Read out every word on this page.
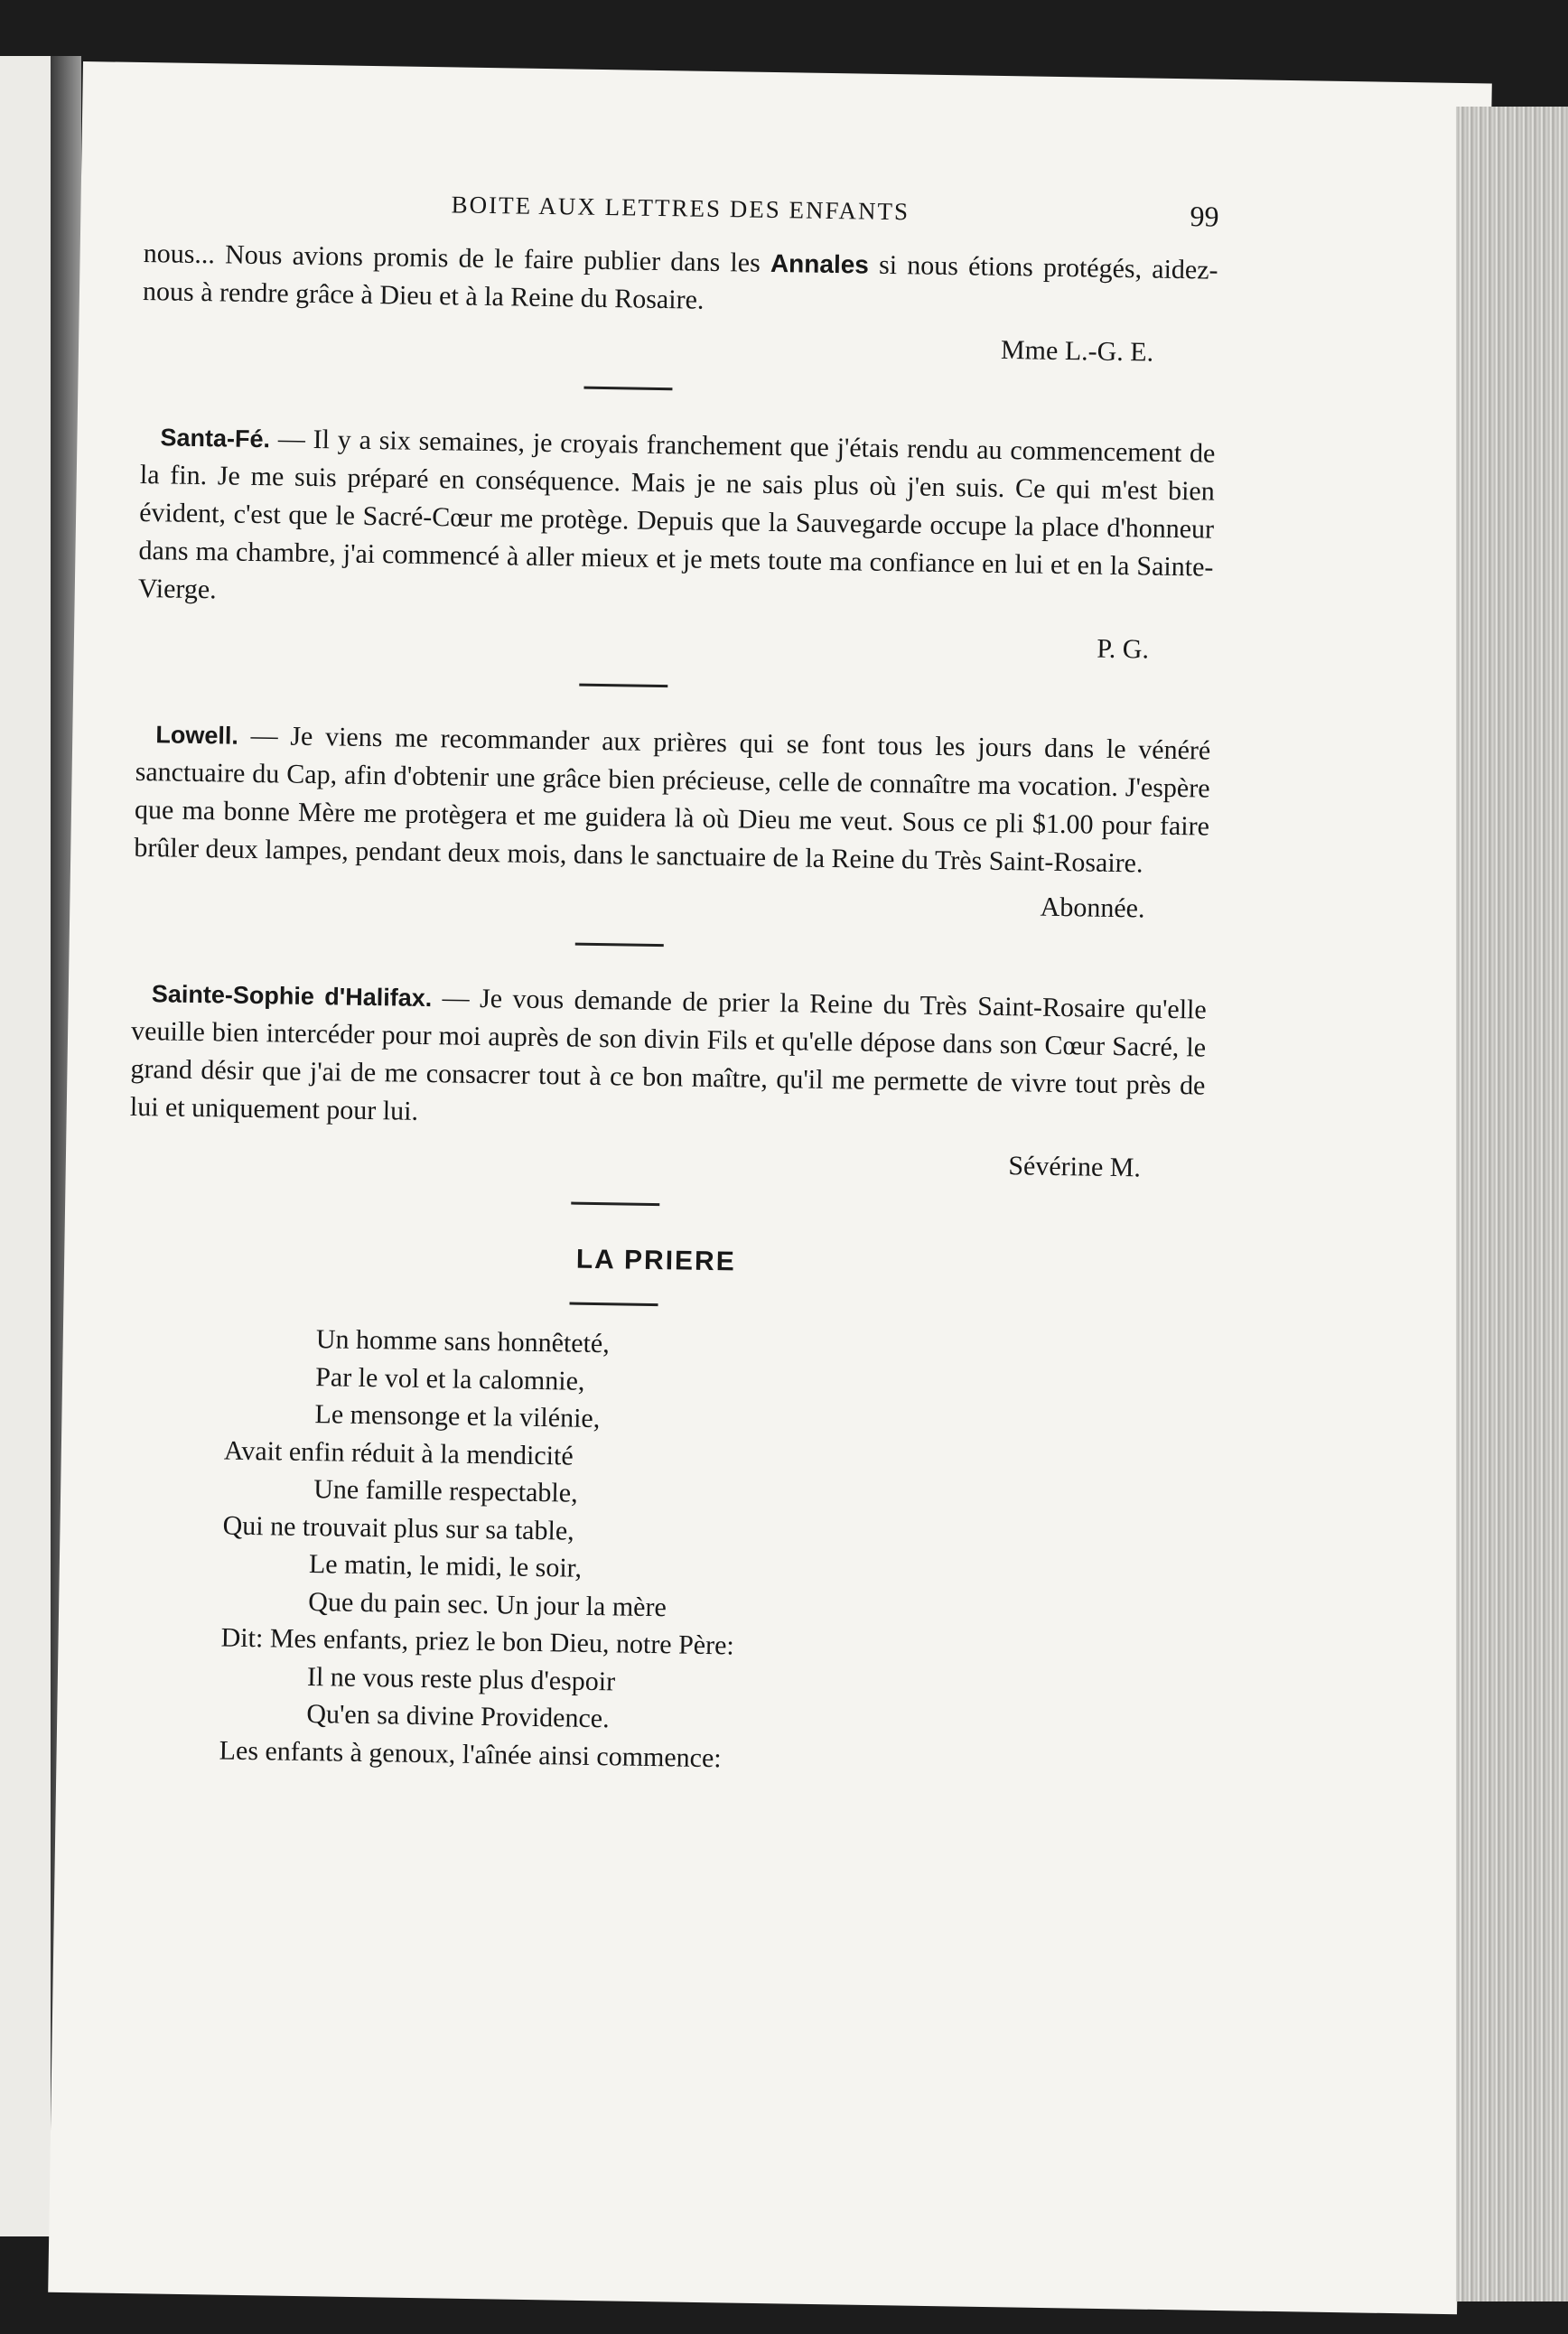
BOITE AUX LETTRES DES ENFANTS	99

nous... Nous avions promis de le faire publier dans les Annales si nous étions protégés, aidez-nous à rendre grâce à Dieu et à la Reine du Rosaire.

Mme L.-G. E.

Santa-Fé. — Il y a six semaines, je croyais franchement que j'étais rendu au commencement de la fin. Je me suis préparé en conséquence. Mais je ne sais plus où j'en suis. Ce qui m'est bien évident, c'est que le Sacré-Cœur me protège. Depuis que la Sauvegarde occupe la place d'honneur dans ma chambre, j'ai commencé à aller mieux et je mets toute ma confiance en lui et en la Sainte-Vierge.

P. G.

Lowell. — Je viens me recommander aux prières qui se font tous les jours dans le vénéré sanctuaire du Cap, afin d'obtenir une grâce bien précieuse, celle de connaître ma vocation. J'espère que ma bonne Mère me protègera et me guidera là où Dieu me veut. Sous ce pli $1.00 pour faire brûler deux lampes, pendant deux mois, dans le sanctuaire de la Reine du Très Saint-Rosaire.

Abonnée.

Sainte-Sophie d'Halifax. — Je vous demande de prier la Reine du Très Saint-Rosaire qu'elle veuille bien intercéder pour moi auprès de son divin Fils et qu'elle dépose dans son Cœur Sacré, le grand désir que j'ai de me consacrer tout à ce bon maître, qu'il me permette de vivre tout près de lui et uniquement pour lui.

Sévérine M.
LA PRIERE
Un homme sans honnêteté,
Par le vol et la calomnie,
Le mensonge et la vilénie,
Avait enfin réduit à la mendicité
Une famille respectable,
Qui ne trouvait plus sur sa table,
Le matin, le midi, le soir,
Que du pain sec. Un jour la mère
Dit: Mes enfants, priez le bon Dieu, notre Père:
Il ne vous reste plus d'espoir
Qu'en sa divine Providence.
Les enfants à genoux, l'aînée ainsi commence:
